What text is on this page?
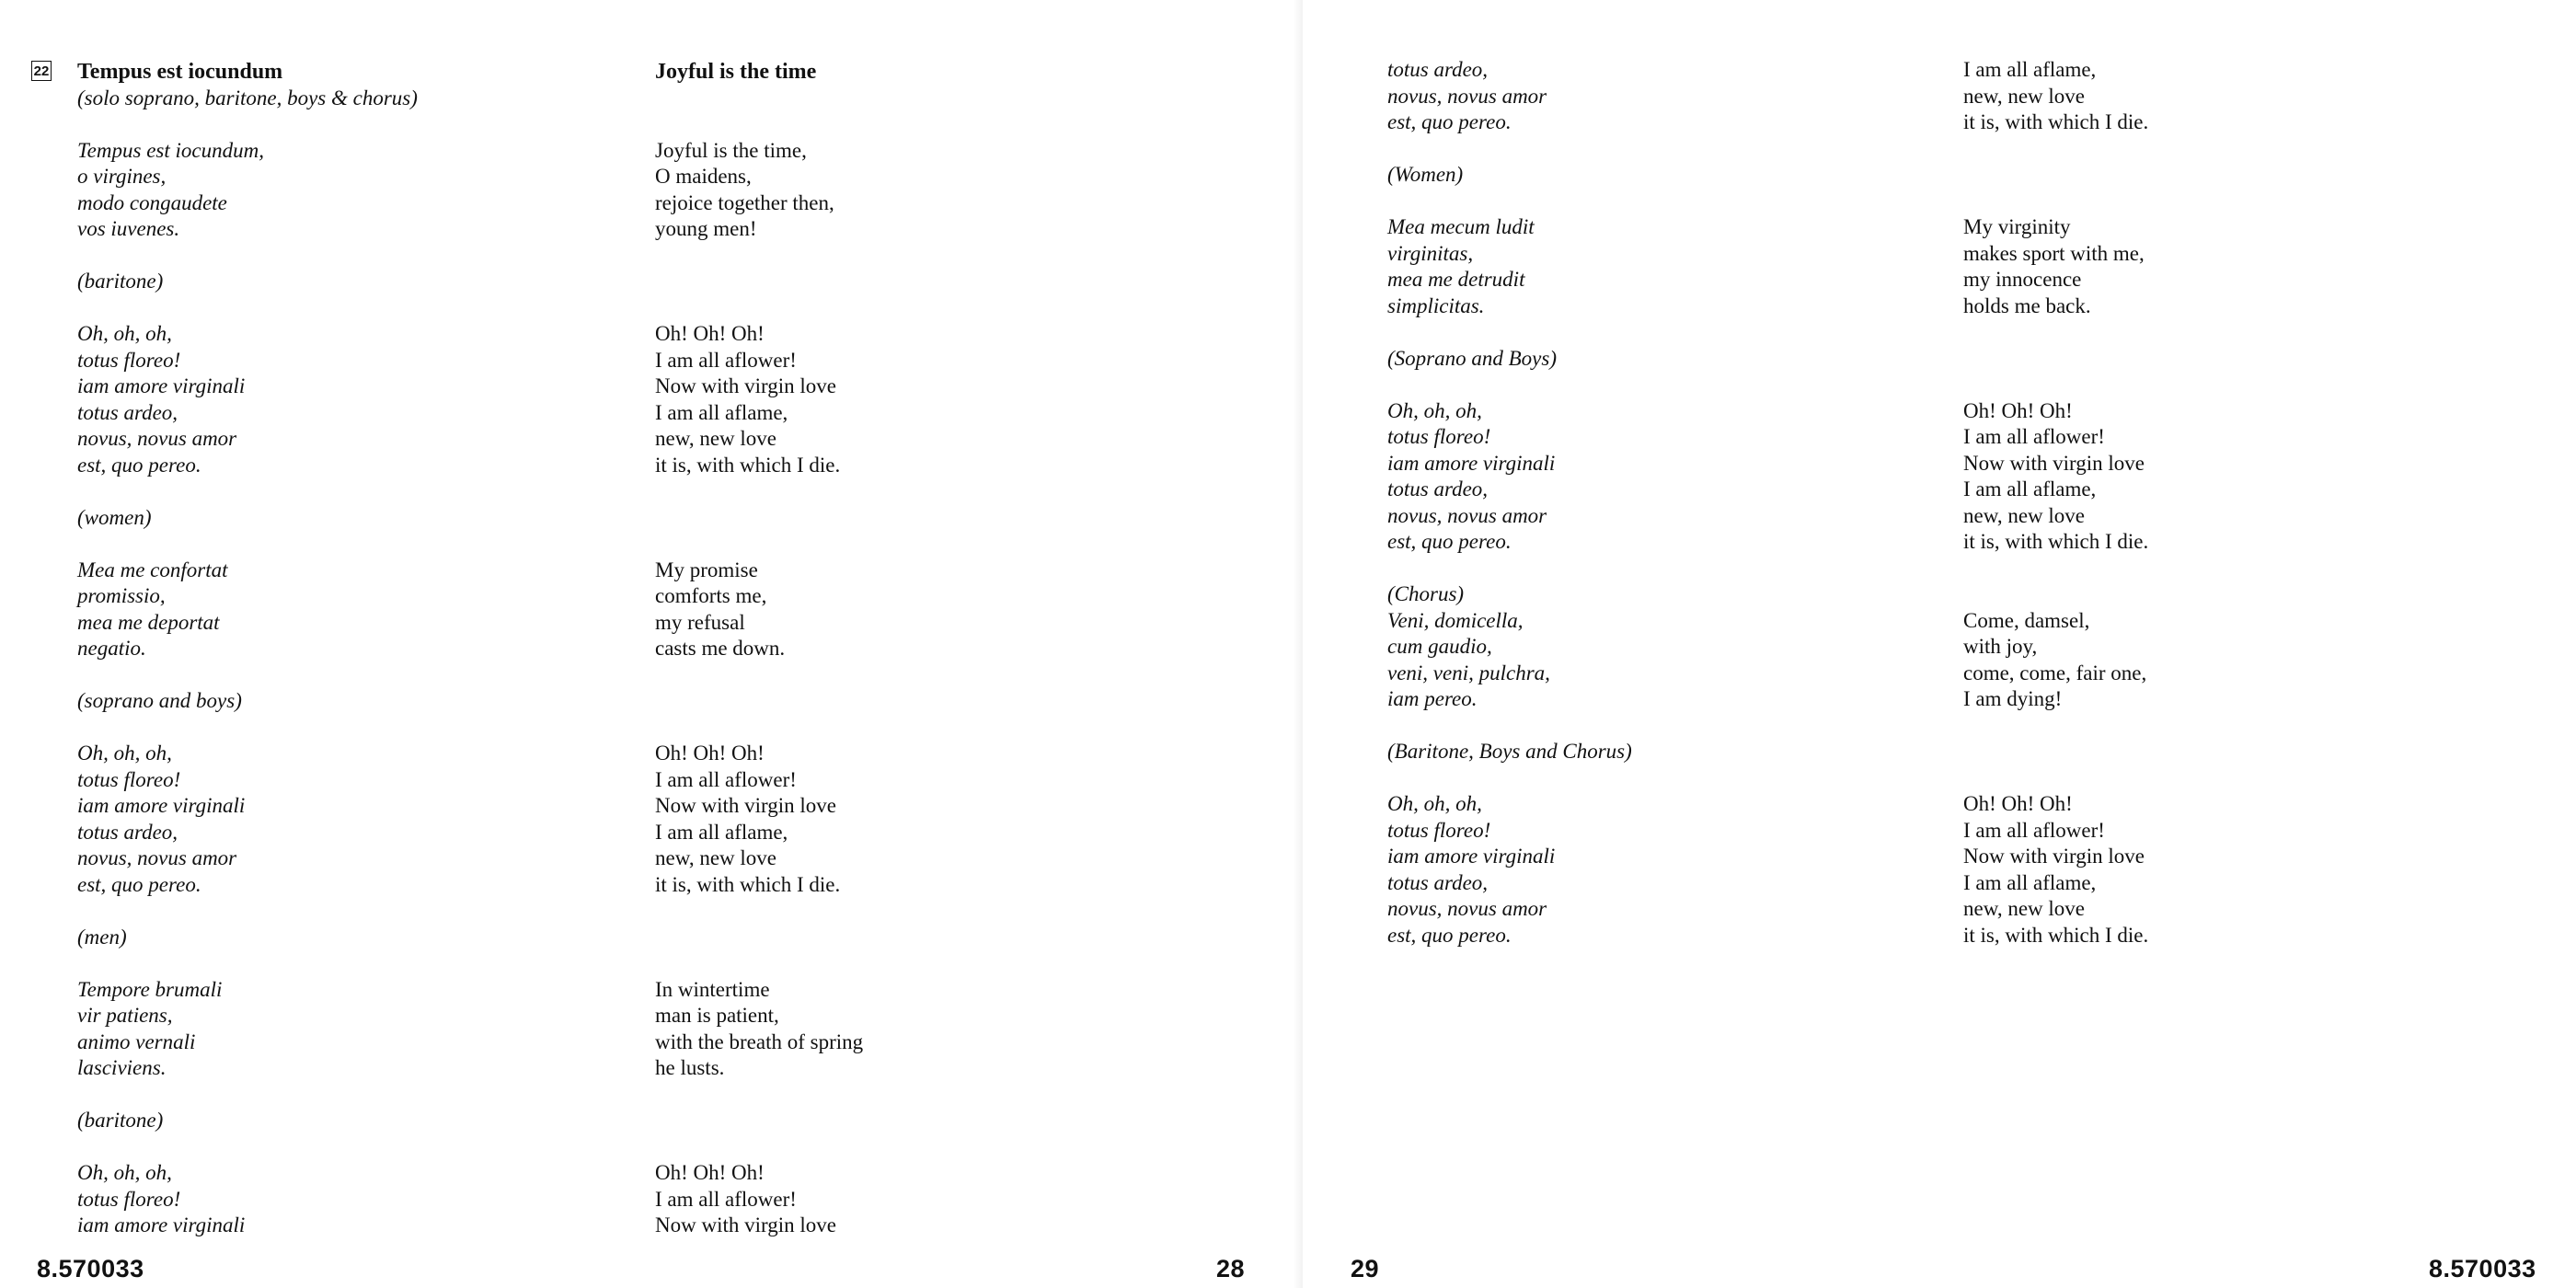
22 Tempus est iocundum
(solo soprano, baritone, boys & chorus)
Tempus est iocundum,
o virgines,
modo congaudete
vos iuvenes.
(baritone)
Oh, oh, oh,
totus floreo!
iam amore virginali
totus ardeo,
novus, novus amor
est, quo pereo.
(women)
Mea me confortat
promissio,
mea me deportat
negatio.
(soprano and boys)
Oh, oh, oh,
totus floreo!
iam amore virginali
totus ardeo,
novus, novus amor
est, quo pereo.
(men)
Tempore brumali
vir patiens,
animo vernali
lasciviens.
(baritone)
Oh, oh, oh,
totus floreo!
iam amore virginali
Joyful is the time
Joyful is the time,
O maidens,
rejoice together then,
young men!
Oh! Oh! Oh!
I am all aflower!
Now with virgin love
I am all aflame,
new, new love
it is, with which I die.
My promise
comforts me,
my refusal
casts me down.
Oh! Oh! Oh!
I am all aflower!
Now with virgin love
I am all aflame,
new, new love
it is, with which I die.
In wintertime
man is patient,
with the breath of spring
he lusts.
Oh! Oh! Oh!
I am all aflower!
Now with virgin love
8.570033	28
totus ardeo,
novus, novus amor
est, quo pereo.
(Women)
Mea mecum ludit
virginitas,
mea me detrudit
simplicitas.
(Soprano and Boys)
Oh, oh, oh,
totus floreo!
iam amore virginali
totus ardeo,
novus, novus amor
est, quo pereo.
(Chorus)
Veni, domicella,
cum gaudio,
veni, veni, pulchra,
iam pereo.
(Baritone, Boys and Chorus)
Oh, oh, oh,
totus floreo!
iam amore virginali
totus ardeo,
novus, novus amor
est, quo pereo.
I am all aflame,
new, new love
it is, with which I die.
My virginity
makes sport with me,
my innocence
holds me back.
Oh! Oh! Oh!
I am all aflower!
Now with virgin love
I am all aflame,
new, new love
it is, with which I die.
Come, damsel,
with joy,
come, come, fair one,
I am dying!
Oh! Oh! Oh!
I am all aflower!
Now with virgin love
I am all aflame,
new, new love
it is, with which I die.
29	8.570033
